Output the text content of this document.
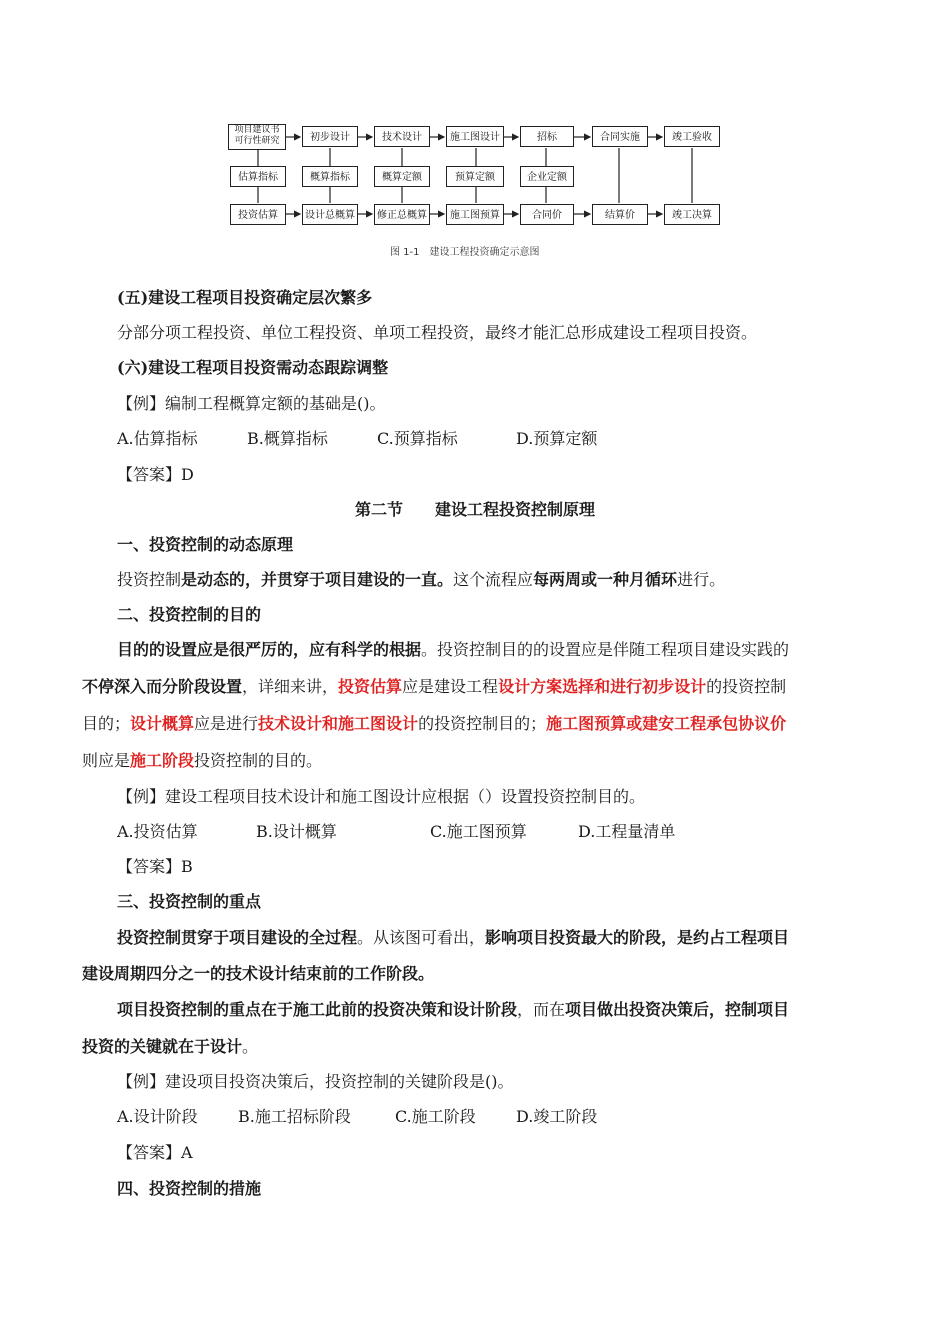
项目建议书
可行性研究	初步设计	技术设计	施工图设计	招标	合同实施	竣工验收
估算指标	概算指标	概算定额	预算定额	企业定额
投资估算	设计总概算	修正总概算	施工图预算	合同价	结算价	竣工决算
图 1-1　建设工程投资确定示意图
(五)建设工程项目投资确定层次繁多
分部分项工程投资、单位工程投资、单项工程投资，最终才能汇总形成建设工程项目投资。
(六)建设工程项目投资需动态跟踪调整
【例】编制工程概算定额的基础是()。
A.估算指标	B.概算指标	C.预算指标	D.预算定额
【答案】D
第二节　　建设工程投资控制原理
一、投资控制的动态原理
投资控制是动态的，并贯穿于项目建设的一直。这个流程应每两周或一种月循环进行。
二、投资控制的目的
目的的设置应是很严厉的，应有科学的根据。投资控制目的的设置应是伴随工程项目建设实践的
不停深入而分阶段设置，详细来讲，投资估算应是建设工程设计方案选择和进行初步设计的投资控制
目的；设计概算应是进行技术设计和施工图设计的投资控制目的；施工图预算或建安工程承包协议价
则应是施工阶段投资控制的目的。
【例】建设工程项目技术设计和施工图设计应根据（）设置投资控制目的。
A.投资估算	B.设计概算	C.施工图预算	D.工程量清单
【答案】B
三、投资控制的重点
投资控制贯穿于项目建设的全过程。从该图可看出，影响项目投资最大的阶段，是约占工程项目
建设周期四分之一的技术设计结束前的工作阶段。
项目投资控制的重点在于施工此前的投资决策和设计阶段，而在项目做出投资决策后，控制项目
投资的关键就在于设计。
【例】建设项目投资决策后，投资控制的关键阶段是()。
A.设计阶段	B.施工招标阶段	C.施工阶段	D.竣工阶段
【答案】A
四、投资控制的措施
